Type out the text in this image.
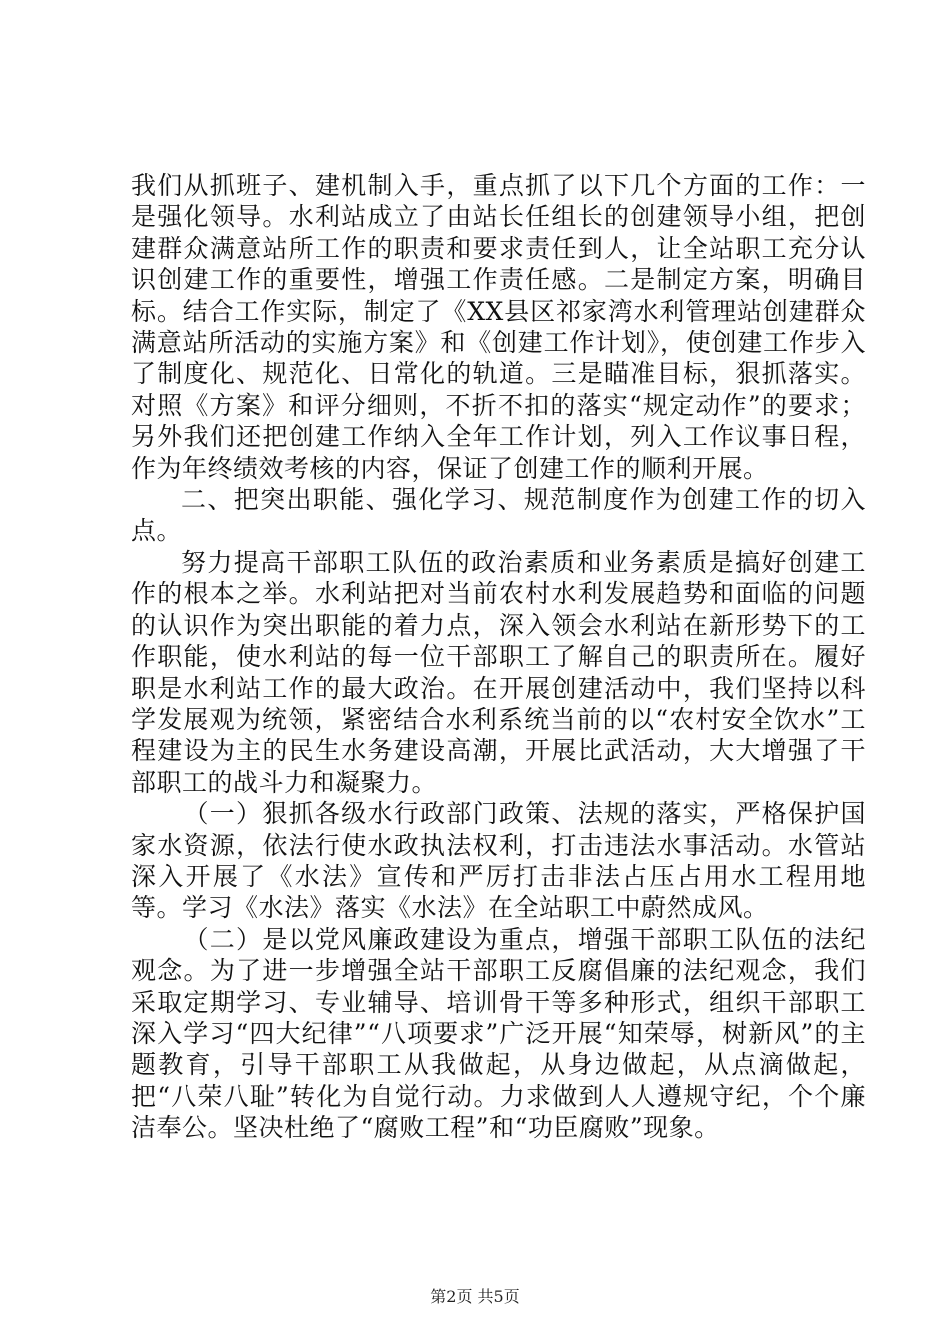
我们从抓班子、建机制入手，重点抓了以下几个方面的工作：一是强化领导。水利站成立了由站长任组长的创建领导小组，把创建群众满意站所工作的职责和要求责任到人，让全站职工充分认识创建工作的重要性，增强工作责任感。二是制定方案，明确目标。结合工作实际，制定了《XX县区祁家湾水利管理站创建群众满意站所活动的实施方案》和《创建工作计划》，使创建工作步入了制度化、规范化、日常化的轨道。三是瞄准目标，狠抓落实。对照《方案》和评分细则，不折不扣的落实“规定动作”的要求；另外我们还把创建工作纳入全年工作计划，列入工作议事日程，作为年终绩效考核的内容，保证了创建工作的顺利开展。

二、把突出职能、强化学习、规范制度作为创建工作的切入点。

努力提高干部职工队伍的政治素质和业务素质是搞好创建工作的根本之举。水利站把对当前农村水利发展趋势和面临的问题的认识作为突出职能的着力点，深入领会水利站在新形势下的工作职能，使水利站的每一位干部职工了解自己的职责所在。履好职是水利站工作的最大政治。在开展创建活动中，我们坚持以科学发展观为统领，紧密结合水利系统当前的以“农村安全饮水”工程建设为主的民生水务建设高潮，开展比武活动，大大增强了干部职工的战斗力和凝聚力。

（一）狠抓各级水行政部门政策、法规的落实，严格保护国家水资源，依法行使水政执法权利，打击违法水事活动。水管站深入开展了《水法》宣传和严厉打击非法占压占用水工程用地等。学习《水法》落实《水法》在全站职工中蔚然成风。

（二）是以党风廉政建设为重点，增强干部职工队伍的法纪观念。为了进一步增强全站干部职工反腐倡廉的法纪观念，我们采取定期学习、专业辅导、培训骨干等多种形式，组织干部职工深入学习“四大纪律”“八项要求”广泛开展“知荣辱，树新风”的主题教育，引导干部职工从我做起，从身边做起，从点滴做起，把“八荣八耻”转化为自觉行动。力求做到人人遵规守纪，个个廉洁奉公。坚决杜绝了“腐败工程”和“功臣腐败”现象。

第2页 共5页
